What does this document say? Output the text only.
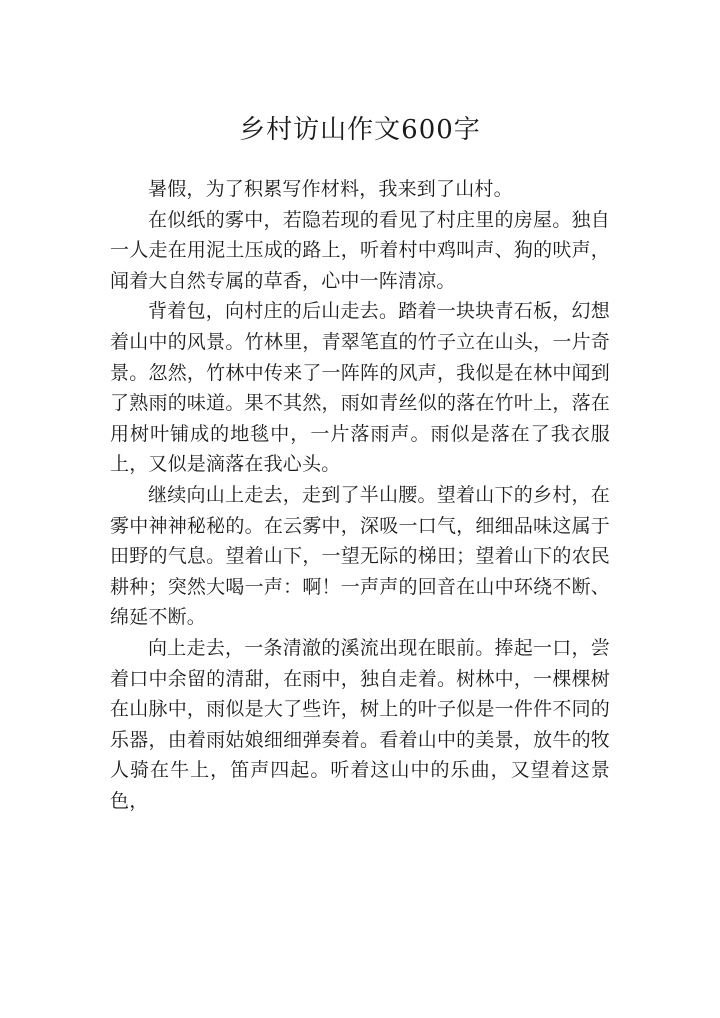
乡村访山作文600字

暑假，为了积累写作材料，我来到了山村。

在似纸的雾中，若隐若现的看见了村庄里的房屋。独自一人走在用泥土压成的路上，听着村中鸡叫声、狗的吠声，闻着大自然专属的草香，心中一阵清凉。

背着包，向村庄的后山走去。踏着一块块青石板，幻想着山中的风景。竹林里，青翠笔直的竹子立在山头，一片奇景。忽然，竹林中传来了一阵阵的风声，我似是在林中闻到了熟雨的味道。果不其然，雨如青丝似的落在竹叶上，落在用树叶铺成的地毯中，一片落雨声。雨似是落在了我衣服上，又似是滴落在我心头。

继续向山上走去，走到了半山腰。望着山下的乡村，在雾中神神秘秘的。在云雾中，深吸一口气，细细品味这属于田野的气息。望着山下，一望无际的梯田；望着山下的农民耕种；突然大喝一声：啊！一声声的回音在山中环绕不断、绵延不断。

向上走去，一条清澈的溪流出现在眼前。捧起一口，尝着口中余留的清甜，在雨中，独自走着。树林中，一棵棵树在山脉中，雨似是大了些许，树上的叶子似是一件件不同的乐器，由着雨姑娘细细弹奏着。看着山中的美景，放牛的牧人骑在牛上，笛声四起。听着这山中的乐曲，又望着这景色，
